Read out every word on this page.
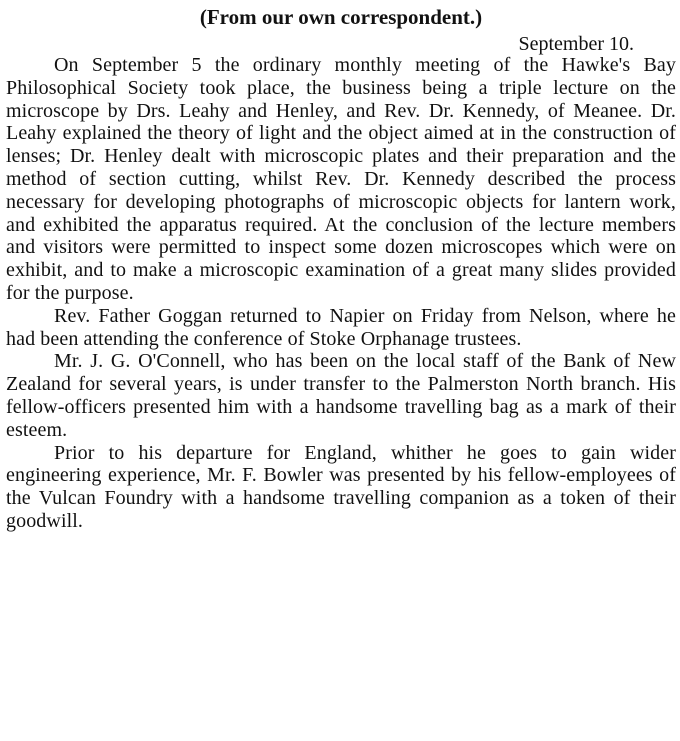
(From our own correspondent.)

September 10.

On September 5 the ordinary monthly meeting of the Hawke's Bay Philosophical Society took place, the business being a triple lecture on the microscope by Drs. Leahy and Henley, and Rev. Dr. Kennedy, of Meanee. Dr. Leahy explained the theory of light and the object aimed at in the construction of lenses; Dr. Henley dealt with microscopic plates and their preparation and the method of section cutting, whilst Rev. Dr. Kennedy described the process necessary for developing photographs of microscopic objects for lantern work, and exhibited the apparatus required. At the conclusion of the lecture members and visitors were permitted to inspect some dozen microscopes which were on exhibit, and to make a microscopic examination of a great many slides provided for the purpose.

Rev. Father Goggan returned to Napier on Friday from Nelson, where he had been attending the conference of Stoke Orphanage trustees.

Mr. J. G. O'Connell, who has been on the local staff of the Bank of New Zealand for several years, is under transfer to the Palmerston North branch. His fellow-officers presented him with a handsome travelling bag as a mark of their esteem.

Prior to his departure for England, whither he goes to gain wider engineering experience, Mr. F. Bowler was presented by his fellow-employees of the Vulcan Foundry with a handsome travelling companion as a token of their goodwill.
